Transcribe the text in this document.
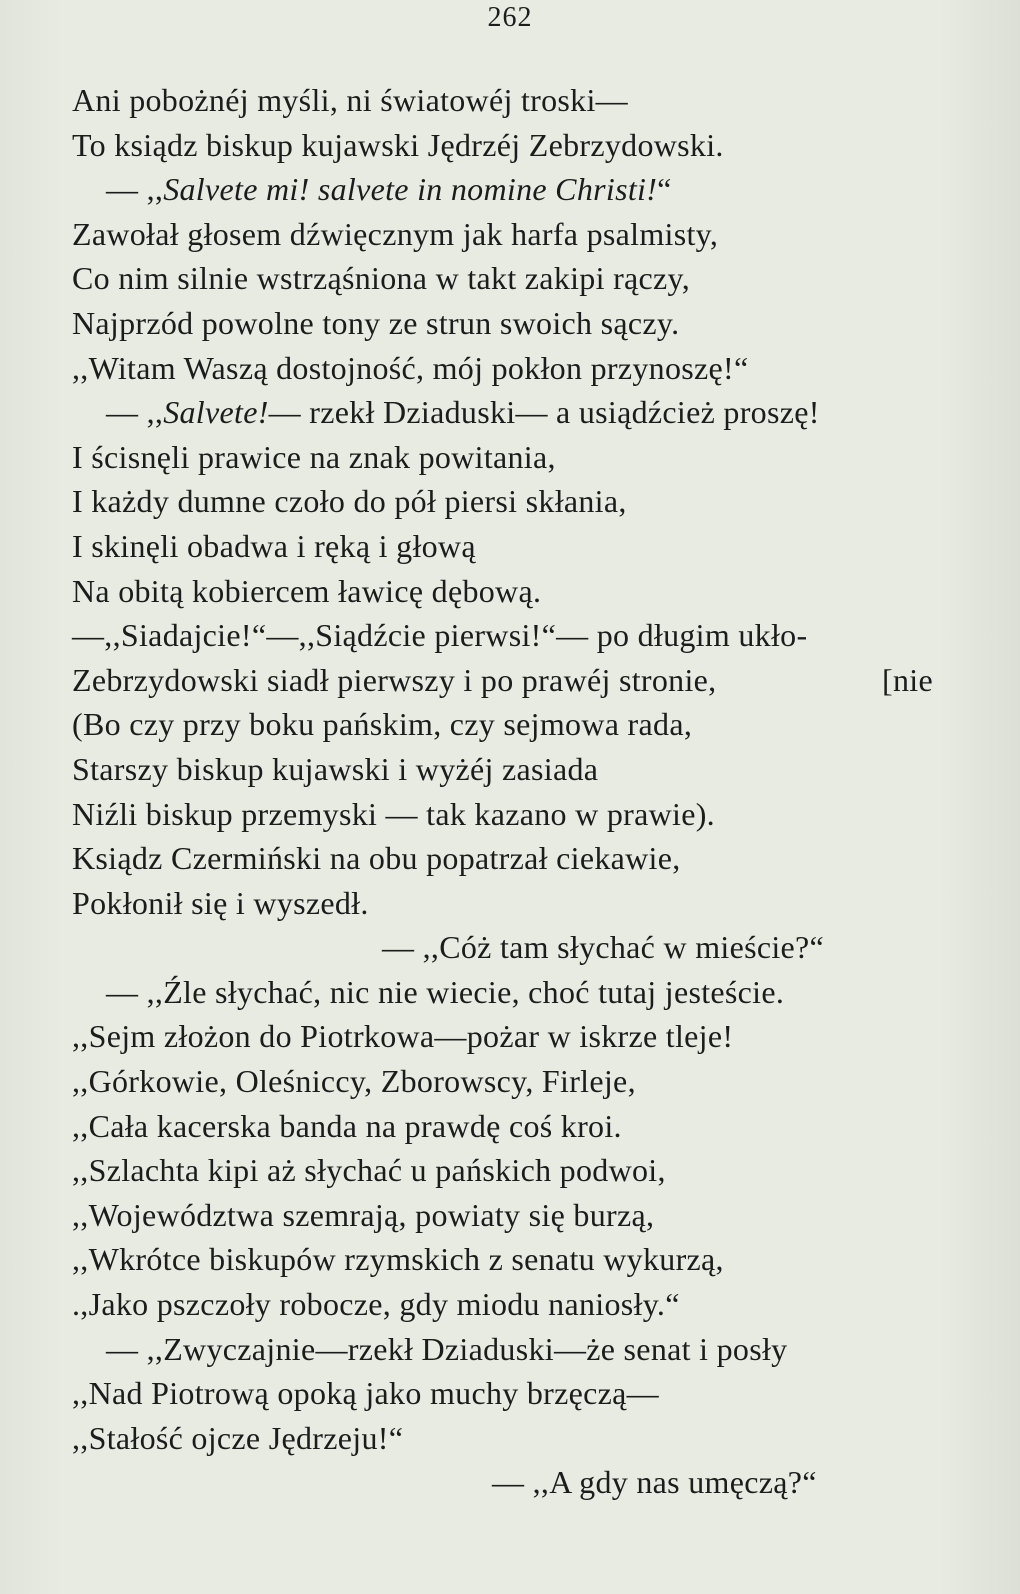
262
Ani pobożnéj myśli, ni światowéj troski—
To ksiądz biskup kujawski Jędrzéj Zebrzydowski.
— ,,Salvete mi! salvete in nomine Christi!“
Zawołał głosem dźwięcznym jak harfa psalmisty,
Co nim silnie wstrząśniona w takt zakipi rączy,
Najprzód powolne tony ze strun swoich sączy.
,,Witam Waszą dostojność, mój pokłon przynoszę!“
— ,,Salvete!— rzekł Dziaduski— a usiądźcież proszę!
I ścisnęli prawice na znak powitania,
I każdy dumne czoło do pół piersi skłania,
I skinęli obadwa i ręką i głową
Na obitą kobiercem ławicę dębową.
—,,Siadajcie!“—,,Siądźcie pierwsi!“— po długim ukło-
Zebrzydowski siadł pierwszy i po prawéj stronie,	[nie
(Bo czy przy boku pańskim, czy sejmowa rada,
Starszy biskup kujawski i wyżéj zasiada
Niźli biskup przemyski — tak kazano w prawie).
Ksiądz Czermiński na obu popatrzał ciekawie,
Pokłonił się i wyszedł.
— ,,Cóż tam słychać w mieście?“
— ,,Źle słychać, nic nie wiecie, choć tutaj jesteście.
,,Sejm złożon do Piotrkowa—pożar w iskrze tleje!
,,Górkowie, Oleśniccy, Zborowscy, Firleje,
,,Cała kacerska banda na prawdę coś kroi.
,,Szlachta kipi aż słychać u pańskich podwoi,
,,Województwa szemrają, powiaty się burzą,
,,Wkrótce biskupów rzymskich z senatu wykurzą,
.,Jako pszczoły robocze, gdy miodu naniosły.“
— ,,Zwyczajnie—rzekł Dziaduski—że senat i posły
,,Nad Piotrową opoką jako muchy brzęczą—
,,Stałość ojcze Jędrzeju!“
— ,,A gdy nas umęczą?“
